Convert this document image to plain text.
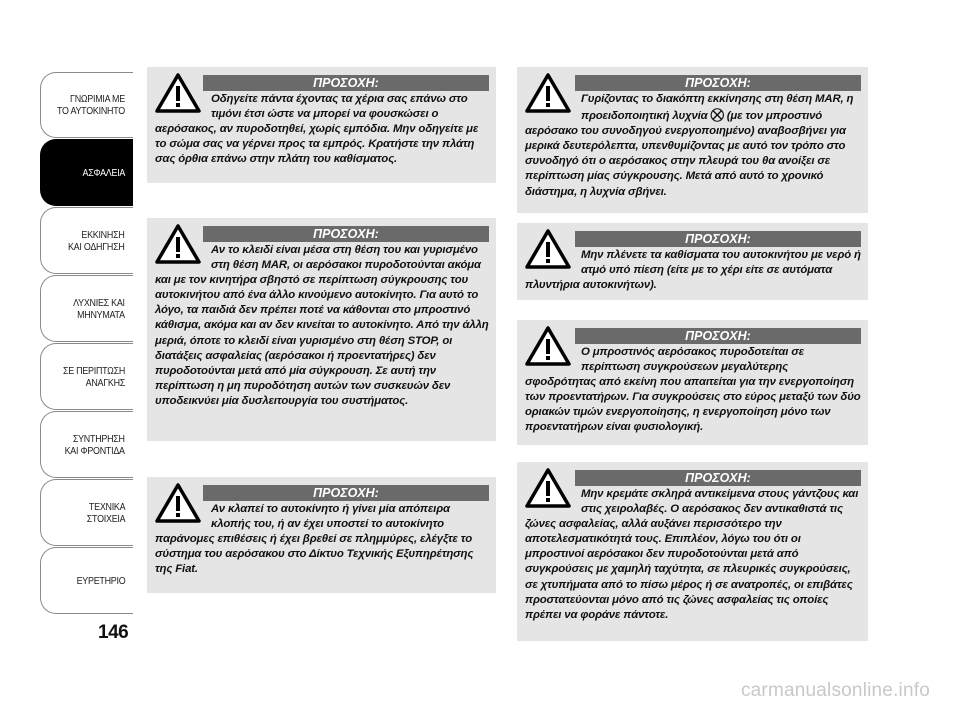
ΓΝΩΡΙΜΙΑ ΜΕ
ΤΟ ΑΥΤΟΚΙΝΗΤΟ
ΑΣΦΑΛΕΙΑ
ΕΚΚΙΝΗΣΗ
ΚΑΙ ΟΔΗΓΗΣΗ
ΛΥΧΝΙΕΣ ΚΑΙ
ΜΗΝΥΜΑΤΑ
ΣΕ ΠΕΡΙΠΤΩΣΗ
ΑΝΑΓΚΗΣ
ΣΥΝΤΗΡΗΣΗ
ΚΑΙ ΦΡΟΝΤΙΔΑ
ΤΕΧΝΙΚΑ
ΣΤΟΙΧΕΙΑ
ΕΥΡΕΤΗΡΙΟ
146
ΠΡΟΣΟΧΗ:
Οδηγείτε πάντα έχοντας τα χέρια σας επάνω στο τιμόνι έτσι ώστε να μπορεί να φουσκώσει ο αερόσακος, αν πυροδοτηθεί, χωρίς εμπόδια. Μην οδηγείτε με το σώμα σας να γέρνει προς τα εμπρός. Κρατήστε την πλάτη σας όρθια επάνω στην πλάτη του καθίσματος.
ΠΡΟΣΟΧΗ:
Αν το κλειδί είναι μέσα στη θέση του και γυρισμένο στη θέση MAR, οι αερόσακοι πυροδοτούνται ακόμα και με τον κινητήρα σβηστό σε περίπτωση σύγκρουσης του αυτοκινήτου από ένα άλλο κινούμενο αυτοκίνητο. Για αυτό το λόγο, τα παιδιά δεν πρέπει ποτέ να κάθονται στο μπροστινό κάθισμα, ακόμα και αν δεν κινείται το αυτοκίνητο. Από την άλλη μεριά, όποτε το κλειδί είναι γυρισμένο στη θέση STOP, οι διατάξεις ασφαλείας (αερόσακοι ή προεντατήρες) δεν πυροδοτούνται μετά από μία σύγκρουση. Σε αυτή την περίπτωση η μη πυροδότηση αυτών των συσκευών δεν υποδεικνύει μία δυσλειτουργία του συστήματος.
ΠΡΟΣΟΧΗ:
Αν κλαπεί το αυτοκίνητο ή γίνει μία απόπειρα κλοπής του, ή αν έχει υποστεί το αυτοκίνητο παράνομες επιθέσεις ή έχει βρεθεί σε πλημμύρες, ελέγξτε το σύστημα του αερόσακου στο Δίκτυο Τεχνικής Εξυπηρέτησης της Fiat.
ΠΡΟΣΟΧΗ:
Γυρίζοντας το διακόπτη εκκίνησης στη θέση MAR, η προειδοποιητική λυχνία ⛒ (με τον μπροστινό αερόσακο του συνοδηγού ενεργοποιημένο) αναβοσβήνει για μερικά δευτερόλεπτα, υπενθυμίζοντας με αυτό τον τρόπο στο συνοδηγό ότι ο αερόσακος στην πλευρά του θα ανοίξει σε περίπτωση μίας σύγκρουσης. Μετά από αυτό το χρονικό διάστημα, η λυχνία σβήνει.
ΠΡΟΣΟΧΗ:
Μην πλένετε τα καθίσματα του αυτοκινήτου με νερό ή ατμό υπό πίεση (είτε με το χέρι είτε σε αυτόματα πλυντήρια αυτοκινήτων).
ΠΡΟΣΟΧΗ:
Ο μπροστινός αερόσακος πυροδοτείται σε περίπτωση συγκρούσεων μεγαλύτερης σφοδρότητας από εκείνη που απαιτείται για την ενεργοποίηση των προεντατήρων. Για συγκρούσεις στο εύρος μεταξύ των δύο οριακών τιμών ενεργοποίησης, η ενεργοποίηση μόνο των προεντατήρων είναι φυσιολογική.
ΠΡΟΣΟΧΗ:
Μην κρεμάτε σκληρά αντικείμενα στους γάντζους και στις χειρολαβές. Ο αερόσακος δεν αντικαθιστά τις ζώνες ασφαλείας, αλλά αυξάνει περισσότερο την αποτελεσματικότητά τους. Επιπλέον, λόγω του ότι οι μπροστινοί αερόσακοι δεν πυροδοτούνται μετά από συγκρούσεις με χαμηλή ταχύτητα, σε πλευρικές συγκρούσεις, σε χτυπήματα από το πίσω μέρος ή σε ανατροπές, οι επιβάτες προστατεύονται μόνο από τις ζώνες ασφαλείας τις οποίες πρέπει να φοράνε πάντοτε.
carmanualsonline.info
